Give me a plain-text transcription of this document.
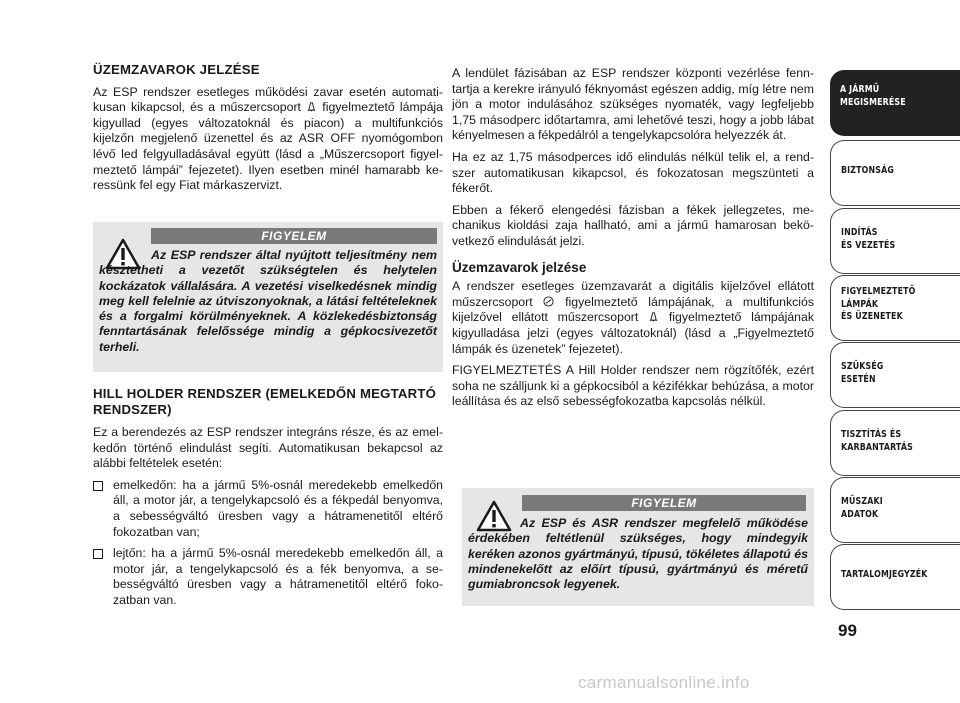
ÜZEMZAVAROK JELZÉSE

Az ESP rendszer esetleges működési zavar esetén automatikusan kikapcsol, és a műszercsoport  figyelmeztető lámpája kigyullad (egyes változatoknál és piacon) a multifunkciós kijelzőn megjelenő üzenettel és az ASR OFF nyomógombon lévő led felgyulladásával együtt (lásd a „Műszercsoport figyelmeztető lámpái” fejezetet). Ilyen esetben minél hamarabb keressünk fel egy Fiat márkaszervizt.

FIGYELEM
Az ESP rendszer által nyújtott teljesítmény nem késztetheti a vezetőt szükségtelen és helytelen kockázatok vállalására. A vezetési viselkedésnek mindig meg kell felelnie az útviszonyoknak, a látási feltételeknek és a forgalmi körülményeknek. A közlekedésbiztonság fenntartásának felelőssége mindig a gépkocsivezetőt terheli.
HILL HOLDER RENDSZER (EMELKEDŐN MEGTARTÓ RENDSZER)

Ez a berendezés az ESP rendszer integráns része, és az emelkedőn történő elindulást segíti. Automatikusan bekapcsol az alábbi feltételek esetén:

emelkedőn: ha a jármű 5%-osnál meredekebb emelkedőn áll, a motor jár, a tengelykapcsoló és a fékpedál benyomva, a sebességváltó üresben vagy a hátramenetitől eltérő fokozatban van;
lejtőn: ha a jármű 5%-osnál meredekebb emelkedőn áll, a motor jár, a tengelykapcsoló és a fék benyomva, a sebességváltó üresben vagy a hátramenetitől eltérő fokozatban van.

A lendület fázisában az ESP rendszer központi vezérlése fenntartja a kerekre irányuló féknyomást egészen addig, míg létre nem jön a motor indulásához szükséges nyomaték, vagy legfeljebb 1,75 másodperc időtartamra, ami lehetővé teszi, hogy a jobb lábat kényelmesen a fékpedálról a tengelykapcsolóra helyezzék át.

Ha ez az 1,75 másodperces idő elindulás nélkül telik el, a rendszer automatikusan kikapcsol, és fokozatosan megszünteti a fékerőt.

Ebben a fékerő elengedési fázisban a fékek jellegzetes, mechanikus kioldási zaja hallható, ami a jármű hamarosan bekövetkező elindulását jelzi.

Üzemzavarok jelzése

A rendszer esetleges üzemzavarát a digitális kijelzővel ellátott műszercsoport  figyelmeztető lámpájának, a multifunkciós kijelzővel ellátott műszercsoport  figyelmeztető lámpájának kigyulladása jelzi (egyes változatoknál) (lásd a „Figyelmeztető lámpák és üzenetek” fejezetet).

FIGYELMEZTETÉS A Hill Holder rendszer nem rögzítőfék, ezért soha ne szálljunk ki a gépkocsiból a kézifékkar behúzása, a motor leállítása és az első sebességfokozatba kapcsolás nélkül.

FIGYELEM
Az ESP és ASR rendszer megfelelő működése érdekében feltétlenül szükséges, hogy mindegyik keréken azonos gyártmányú, típusú, tökéletes állapotú és mindenekelőtt az előírt típusú, gyártmányú és méretű gumiabroncsok legyenek.
A JÁRMŰ
MEGISMERÉSE
BIZTONSÁG
INDÍTÁS
ÉS VEZETÉS
FIGYELMEZTETŐ
LÁMPÁK
ÉS ÜZENETEK
SZÜKSÉG
ESETÉN
TISZTÍTÁS ÉS
KARBANTARTÁS
MŰSZAKI
ADATOK
TARTALOMJEGYZÉK
99
carmanualsonline.info
